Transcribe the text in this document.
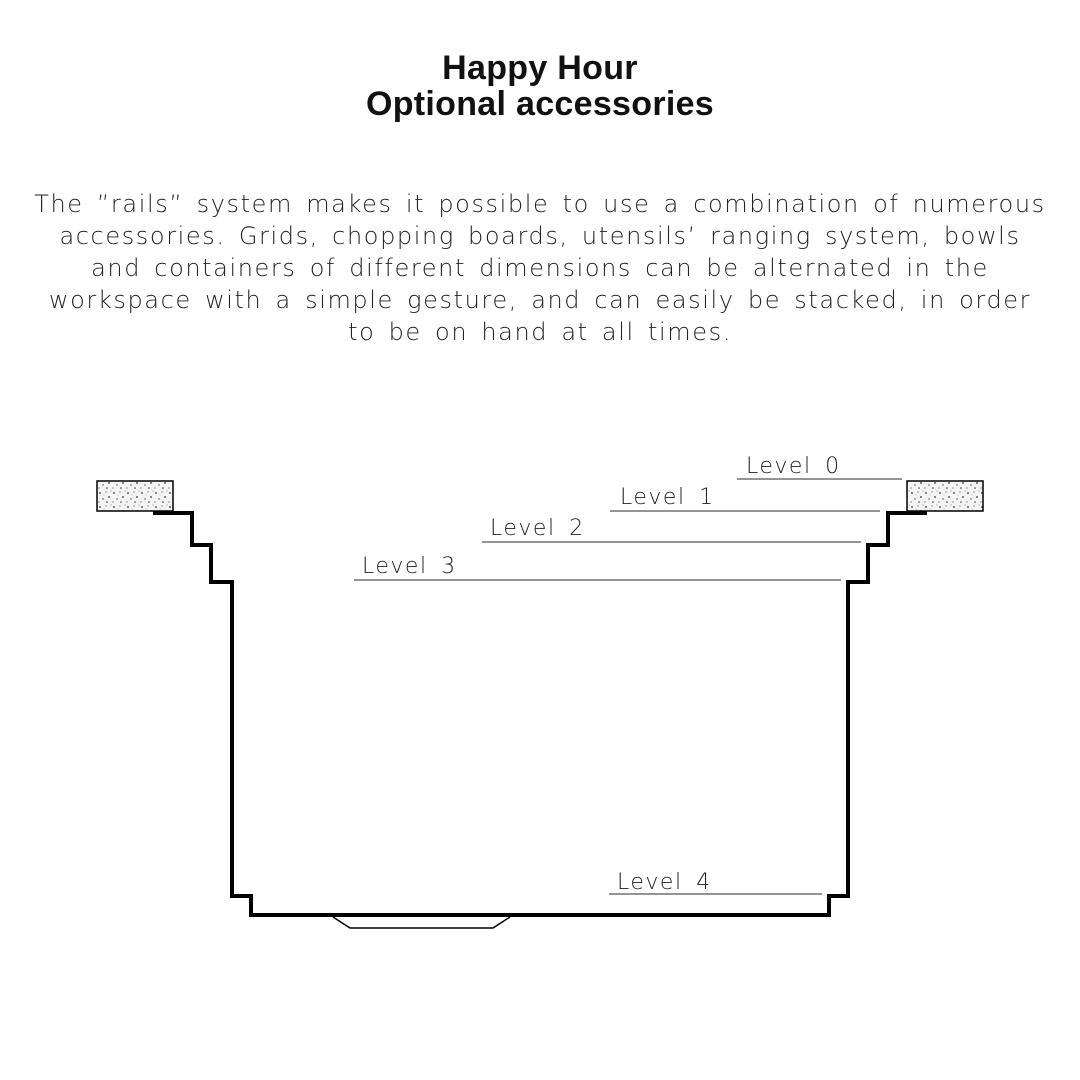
Happy Hour
Optional accessories

The ”rails” system makes it possible to use a combination of numerous accessories. Grids, chopping boards, utensils’ ranging system, bowls and containers of different dimensions can be alternated in the workspace with a simple gesture, and can easily be stacked, in order to be on hand at all times.

Level 0
Level 1
Level 2
Level 3
Level 4
